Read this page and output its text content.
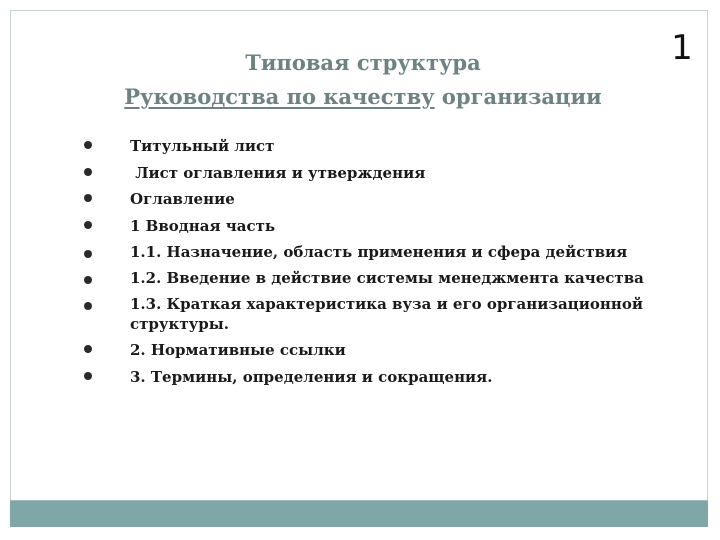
1
Типовая структура
Руководства по качеству организации
Титульный лист
Лист оглавления и утверждения
Оглавление
1 Вводная часть
1.1. Назначение, область применения и сфера действия
1.2. Введение в действие системы менеджмента качества
1.3. Краткая характеристика вуза и его организационной структуры.
2. Нормативные ссылки
3. Термины, определения и сокращения.
